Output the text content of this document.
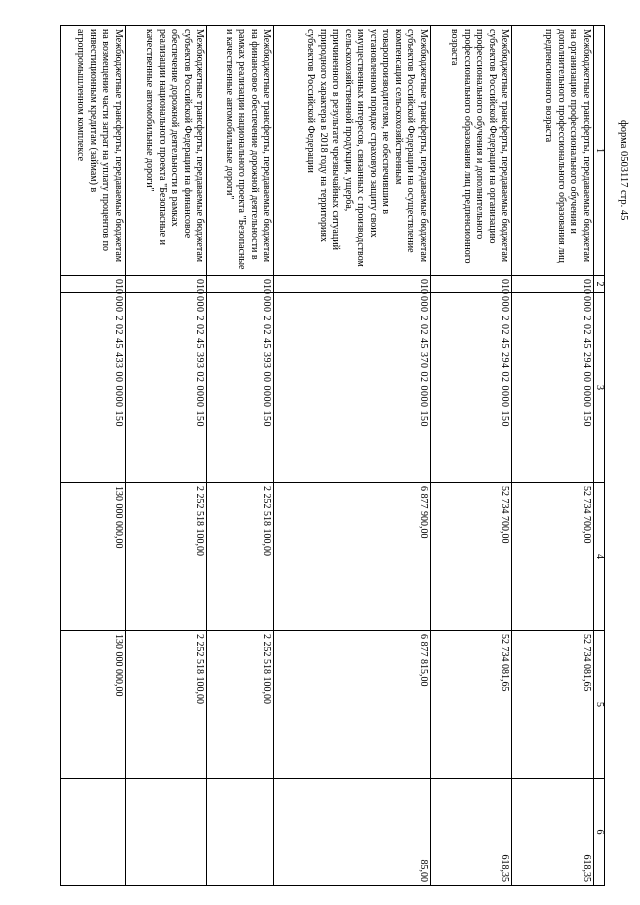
форма 0503117 стр. 45
1	2	3	4	5	6
Межбюджетные трансферты, передаваемые бюджетам на организацию профессионального обучения и дополнительного профессионального образования лиц предпенсионного возраста	010	000 2 02 45 294 00 0000 150	52 734 700,00	52 734 081,65	618,35
Межбюджетные трансферты, передаваемые бюджетам субъектов Российской Федерации на организацию профессионального обучения и дополнительного профессионального образования лиц предпенсионного возраста	010	000 2 02 45 294 02 0000 150	52 734 700,00	52 734 081,65	618,35
Межбюджетные трансферты, передаваемые бюджетам субъектов Российской Федерации на осуществление компенсации сельскохозяйственным товаропроизводителям, не обеспечившим в установленном порядке страховую защиту своих имущественных интересов, связанных с производством сельскохозяйственной продукции, ущерба, причиненного в результате чрезвычайных ситуаций природного характера в 2018 году на территориях субъектов Российской Федерации	010	000 2 02 45 370 02 0000 150	6 877 900,00	6 877 815,00	85,00
Межбюджетные трансферты, передаваемые бюджетам на финансовое обеспечение дорожной деятельности в рамках реализации национального проекта "Безопасные и качественные автомобильные дороги"	010	000 2 02 45 393 00 0000 150	2 252 518 100,00	2 252 518 100,00	
Межбюджетные трансферты, передаваемые бюджетам субъектов Российской Федерации на финансовое обеспечение дорожной деятельности в рамках реализации национального проекта "Безопасные и качественные автомобильные дороги"	010	000 2 02 45 393 02 0000 150	2 252 518 100,00	2 252 518 100,00	
Межбюджетные трансферты, передаваемые бюджетам на возмещение части затрат на уплату процентов по инвестиционным кредитам (займам) в агропромышленном комплексе	010	000 2 02 45 433 00 0000 150	130 000 000,00	130 000 000,00	
